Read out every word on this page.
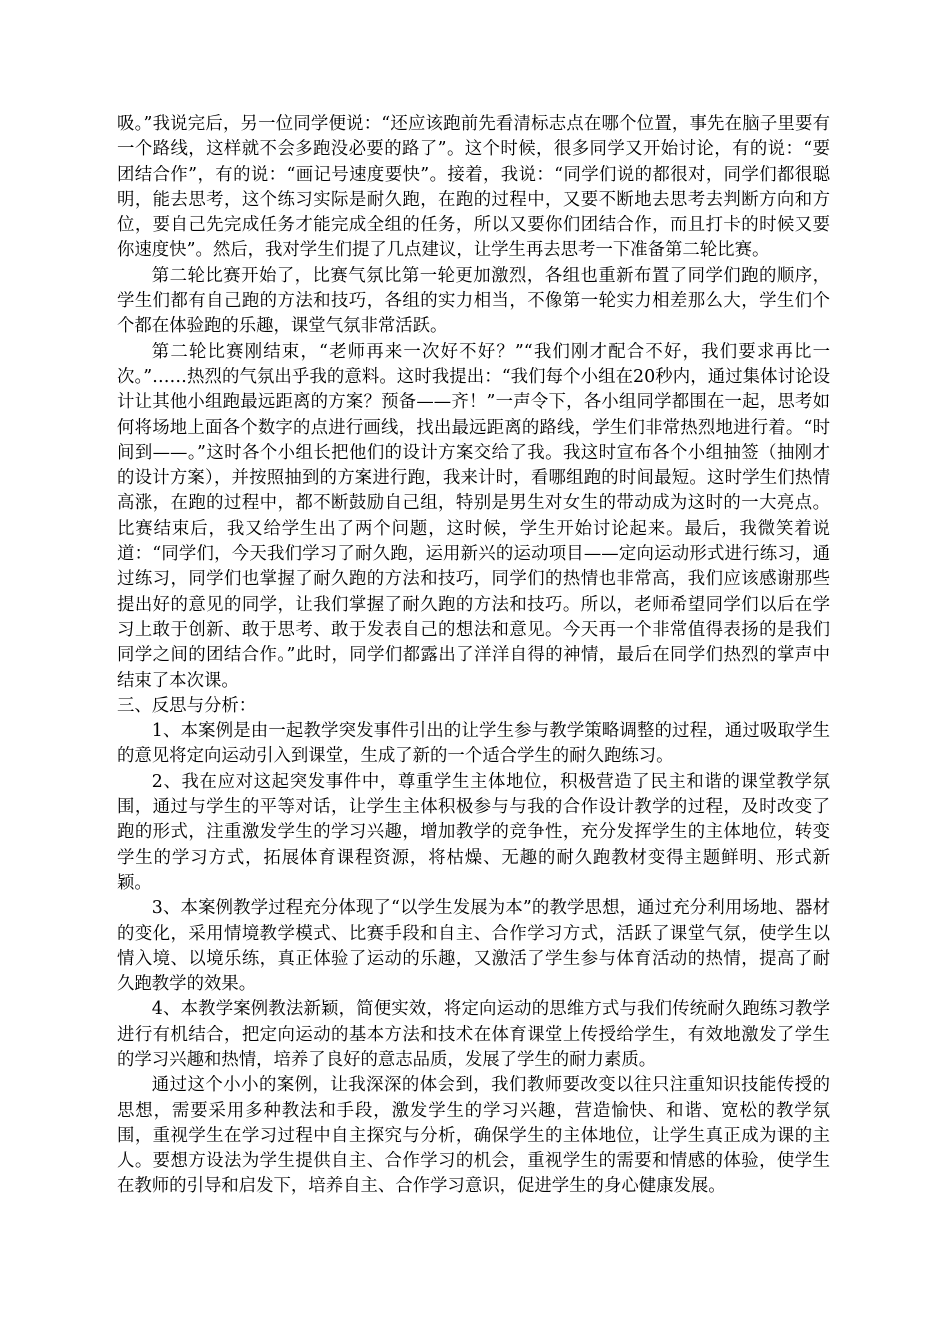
吸。”我说完后，另一位同学便说：“还应该跑前先看清标志点在哪个位置，事先在脑子里要有一个路线，这样就不会多跑没必要的路了”。这个时候，很多同学又开始讨论，有的说：“要团结合作”，有的说：“画记号速度要快”。接着，我说：“同学们说的都很对，同学们都很聪明，能去思考，这个练习实际是耐久跑，在跑的过程中，又要不断地去思考去判断方向和方位，要自己先完成任务才能完成全组的任务，所以又要你们团结合作，而且打卡的时候又要你速度快”。然后，我对学生们提了几点建议，让学生再去思考一下准备第二轮比赛。

第二轮比赛开始了，比赛气氛比第一轮更加激烈，各组也重新布置了同学们跑的顺序，学生们都有自己跑的方法和技巧，各组的实力相当，不像第一轮实力相差那么大，学生们个个都在体验跑的乐趣，课堂气氛非常活跃。

第二轮比赛刚结束，“老师再来一次好不好？”“我们刚才配合不好，我们要求再比一次。”……热烈的气氛出乎我的意料。这时我提出：“我们每个小组在20秒内，通过集体讨论设计让其他小组跑最远距离的方案？预备——齐！”一声令下，各小组同学都围在一起，思考如何将场地上面各个数字的点进行画线，找出最远距离的路线，学生们非常热烈地进行着。“时间到——。”这时各个小组长把他们的设计方案交给了我。我这时宣布各个小组抽签（抽刚才的设计方案），并按照抽到的方案进行跑，我来计时，看哪组跑的时间最短。这时学生们热情高涨，在跑的过程中，都不断鼓励自己组，特别是男生对女生的带动成为这时的一大亮点。比赛结束后，我又给学生出了两个问题，这时候，学生开始讨论起来。最后，我微笑着说道：“同学们，今天我们学习了耐久跑，运用新兴的运动项目——定向运动形式进行练习，通过练习，同学们也掌握了耐久跑的方法和技巧，同学们的热情也非常高，我们应该感谢那些提出好的意见的同学，让我们掌握了耐久跑的方法和技巧。所以，老师希望同学们以后在学习上敢于创新、敢于思考、敢于发表自己的想法和意见。今天再一个非常值得表扬的是我们同学之间的团结合作。”此时，同学们都露出了洋洋自得的神情，最后在同学们热烈的掌声中结束了本次课。

三、反思与分析：

1、本案例是由一起教学突发事件引出的让学生参与教学策略调整的过程，通过吸取学生的意见将定向运动引入到课堂，生成了新的一个适合学生的耐久跑练习。

2、我在应对这起突发事件中，尊重学生主体地位，积极营造了民主和谐的课堂教学氛围，通过与学生的平等对话，让学生主体积极参与与我的合作设计教学的过程，及时改变了跑的形式，注重激发学生的学习兴趣，增加教学的竞争性，充分发挥学生的主体地位，转变学生的学习方式，拓展体育课程资源，将枯燥、无趣的耐久跑教材变得主题鲜明、形式新颖。

3、本案例教学过程充分体现了“以学生发展为本”的教学思想，通过充分利用场地、器材的变化，采用情境教学模式、比赛手段和自主、合作学习方式，活跃了课堂气氛，使学生以情入境、以境乐练，真正体验了运动的乐趣，又激活了学生参与体育活动的热情，提高了耐久跑教学的效果。

4、本教学案例教法新颖，简便实效，将定向运动的思维方式与我们传统耐久跑练习教学进行有机结合，把定向运动的基本方法和技术在体育课堂上传授给学生，有效地激发了学生的学习兴趣和热情，培养了良好的意志品质，发展了学生的耐力素质。

通过这个小小的案例，让我深深的体会到，我们教师要改变以往只注重知识技能传授的思想，需要采用多种教法和手段，激发学生的学习兴趣，营造愉快、和谐、宽松的教学氛围，重视学生在学习过程中自主探究与分析，确保学生的主体地位，让学生真正成为课的主人。要想方设法为学生提供自主、合作学习的机会，重视学生的需要和情感的体验，使学生在教师的引导和启发下，培养自主、合作学习意识，促进学生的身心健康发展。
